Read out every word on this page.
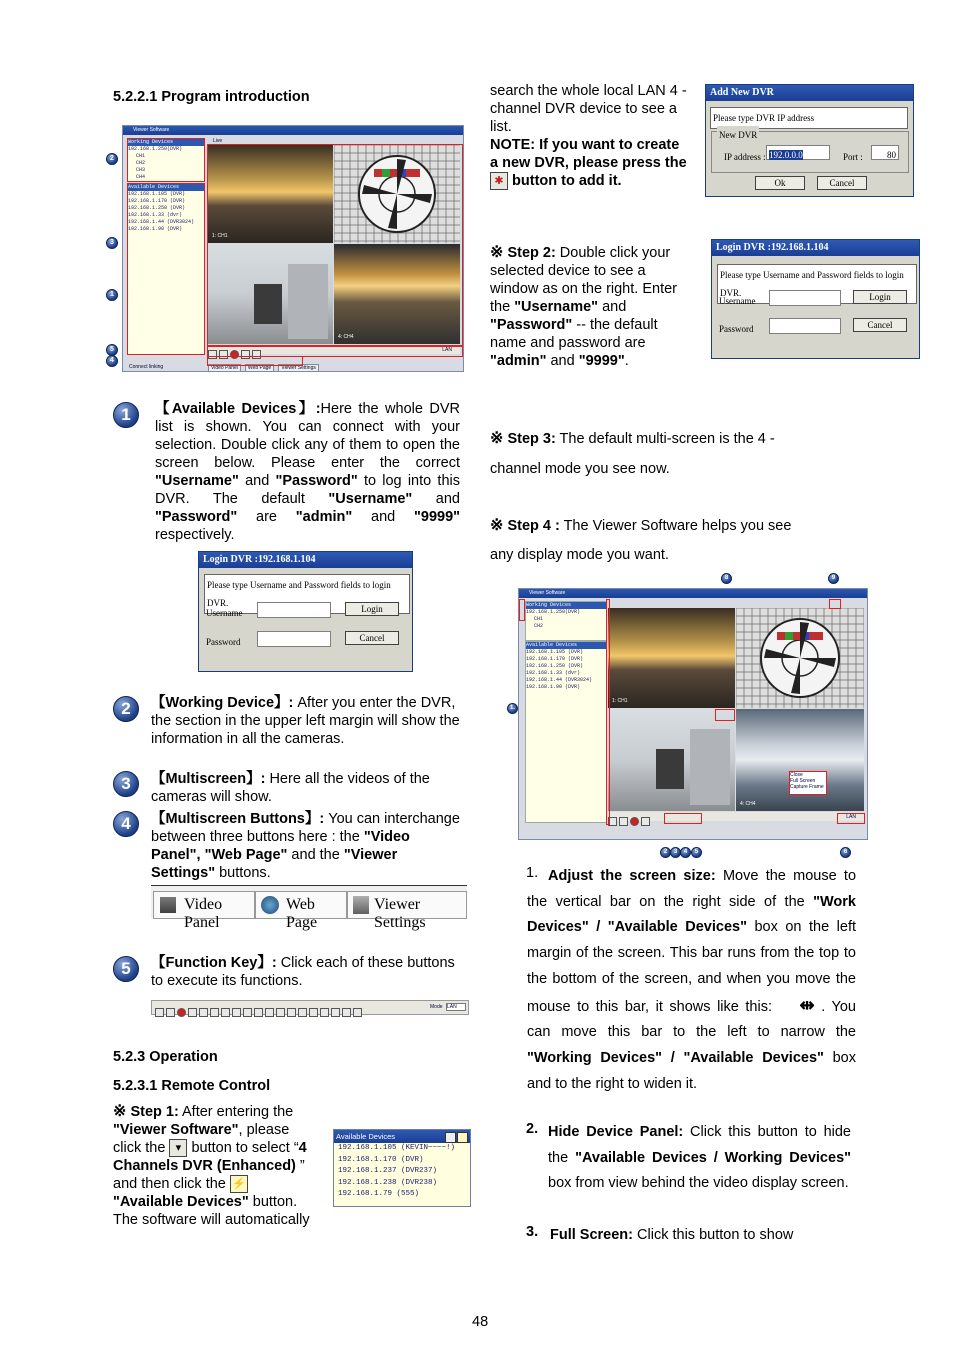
5.2.2.1 Program introduction
Viewer Software
Working Devices
192.168.1.250(DVR)
CH1
CH2
CH3
CH4
Available Devices
192.168.1.105 (DVR)
192.168.1.170 (DVR)
192.168.1.250 (DVR)
192.168.1.33 (dvr)
192.168.1.44 (DVR3024)
192.168.1.90 (DVR)
Live
1: CH1
4: CH4
LAN
Video Panel Web Page Viewer Settings
Connect linking
2
3
1
5
4
1	【Available Devices】:Here the whole DVR list is shown. You can connect with your selection. Double click any of them to open the screen below. Please enter the correct "Username" and "Password" to log into this DVR. The default "Username" and "Password" are "admin" and "9999" respectively.
Login DVR :192.168.1.104
Please type Username and Password fields to login DVR.
Username	Login
Password	Cancel
2	【Working Device】: After you enter the DVR, the section in the upper left margin will show the information in all the cameras.
3	【Multiscreen】: Here all the videos of the cameras will show.
4	【Multiscreen Buttons】: You can interchange between three buttons here : the "Video Panel", "Web Page" and the "Viewer Settings" buttons.
Video Panel
Web Page
Viewer Settings
5	【Function Key】: Click each of these buttons to execute its functions.
Mode LAN
5.2.3 Operation
5.2.3.1 Remote Control
※ Step 1: After entering the "Viewer Software", please click the ▾ button to select “4 Channels DVR (Enhanced) ” and then click the ⚡ "Available Devices" button. The software will automatically
Available Devices
192.168.1.105 (KEVIN~~~~!)
192.168.1.170 (DVR)
192.168.1.237 (DVR237)
192.168.1.238 (DVR238)
192.168.1.79 (555)
search the whole local LAN 4 - channel DVR device to see a list.
NOTE: If you want to create a new DVR, please press the ✱ button to add it.
Add New DVR
Please type DVR IP address
New DVR
IP address : 192.0.0.0	Port :	80
Ok	Cancel
※ Step 2: Double click your selected device to see a window as on the right. Enter the "Username" and "Password" -- the default name and password are "admin" and "9999".
Login DVR :192.168.1.104
Please type Username and Password fields to login DVR.
Username	Login
Password	Cancel
※ Step 3: The default multi-screen is the 4 -
channel mode you see now.
※ Step 4 : The Viewer Software helps you see
any display mode you want.
Viewer Software
Working Devices
192.168.1.250(DVR)
CH1
CH2
Available Devices
192.168.1.105 (DVR)
192.168.1.170 (DVR)
192.168.1.250 (DVR)
192.168.1.33 (dvr)
192.168.1.44 (DVR3024)
192.168.1.90 (DVR)
1: CH1
4: CH4
Close
Full Screen
Capture Frame
LAN
8	9
1.
2	3	4	5	6
1. Adjust the screen size: Move the mouse to the vertical bar on the right side of the "Work Devices" / "Available Devices" box on the left margin of the screen. This bar runs from the top to the bottom of the screen, and when you move the mouse to this bar, it shows like this: ⇹ . You can move this bar to the left to narrow the "Working Devices" / "Available Devices" box and to the right to widen it.
2. Hide Device Panel: Click this button to hide the "Available Devices / Working Devices" box from view behind the video display screen.
3. Full Screen: Click this button to show
48
